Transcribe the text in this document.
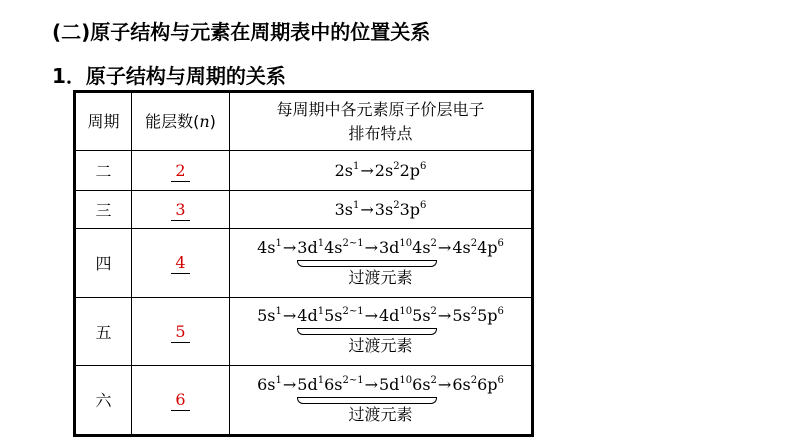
(二)原子结构与元素在周期表中的位置关系
1．原子结构与周期的关系
周期	能层数(n)	每周期中各元素原子价层电子
排布特点

二	2	$2s^1\to 2s^22p^6$

三	3	$3s^1\to 3s^23p^6$

四	4	$4s^1\to 3d^14s^{2\sim 1}\to 3d^{10}4s^2$
$\to 4s^24p^6$
过渡元素

五	5	$5s^1\to 4d^15s^{2\sim 1}\to 4d^{10}5s^2$
$\to 5s^25p^6$
过渡元素

六	6	$6s^1\to 5d^16s^{2\sim 1}\to 5d^{10}6s^2$
$\to 6s^26p^6$
过渡元素
